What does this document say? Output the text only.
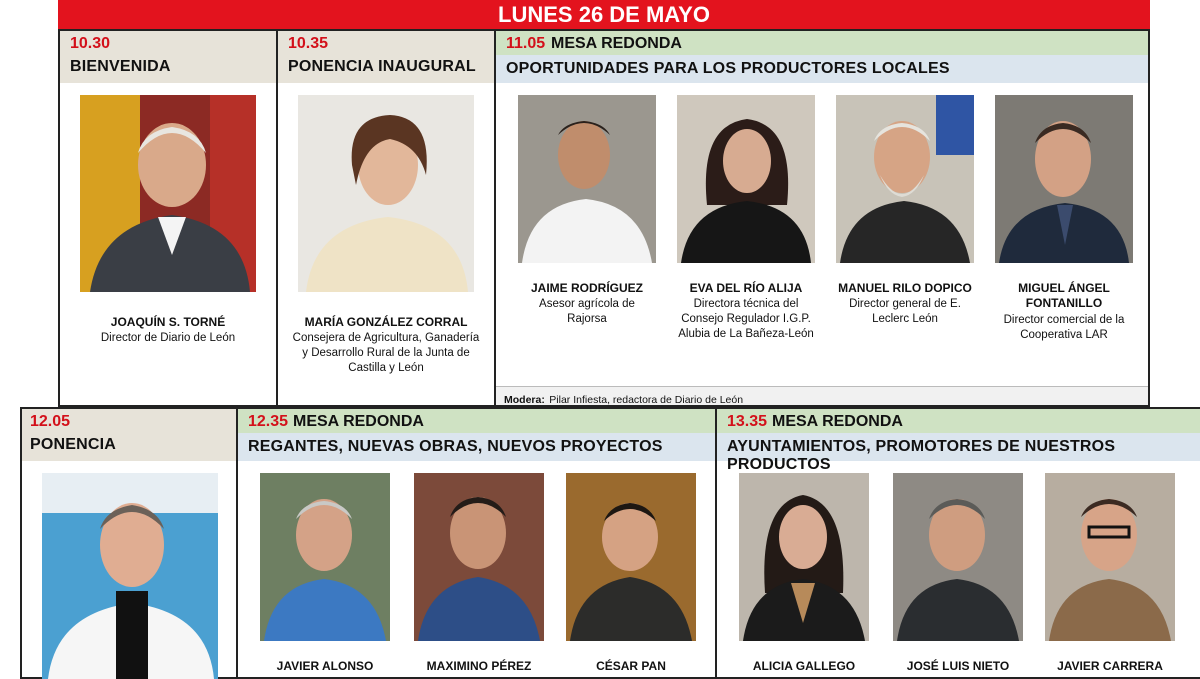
LUNES 26 DE MAYO
10.30
BIENVENIDA
JOAQUÍN S. TORNÉ
Director de Diario de León
10.35
PONENCIA INAUGURAL
MARÍA GONZÁLEZ CORRAL
Consejera de Agricultura, Ganadería y Desarrollo Rural de la Junta de Castilla y León
11.05 MESA REDONDA
OPORTUNIDADES PARA LOS PRODUCTORES LOCALES
JAIME RODRÍGUEZ
Asesor agrícola de Rajorsa
EVA DEL RÍO ALIJA
Directora técnica del Consejo Regulador I.G.P. Alubia de La Bañeza-León
MANUEL RILO DOPICO
Director general de E. Leclerc León
MIGUEL ÁNGEL FONTANILLO
Director comercial de la Cooperativa LAR
Modera: Pilar Infiesta, redactora de Diario de León
12.05
PONENCIA
12.35 MESA REDONDA
REGANTES, NUEVAS OBRAS, NUEVOS PROYECTOS
JAVIER ALONSO	MAXIMINO PÉREZ	CÉSAR PAN
13.35 MESA REDONDA
AYUNTAMIENTOS, PROMOTORES DE NUESTROS PRODUCTOS
ALICIA GALLEGO	JOSÉ LUIS NIETO	JAVIER CARRERA
